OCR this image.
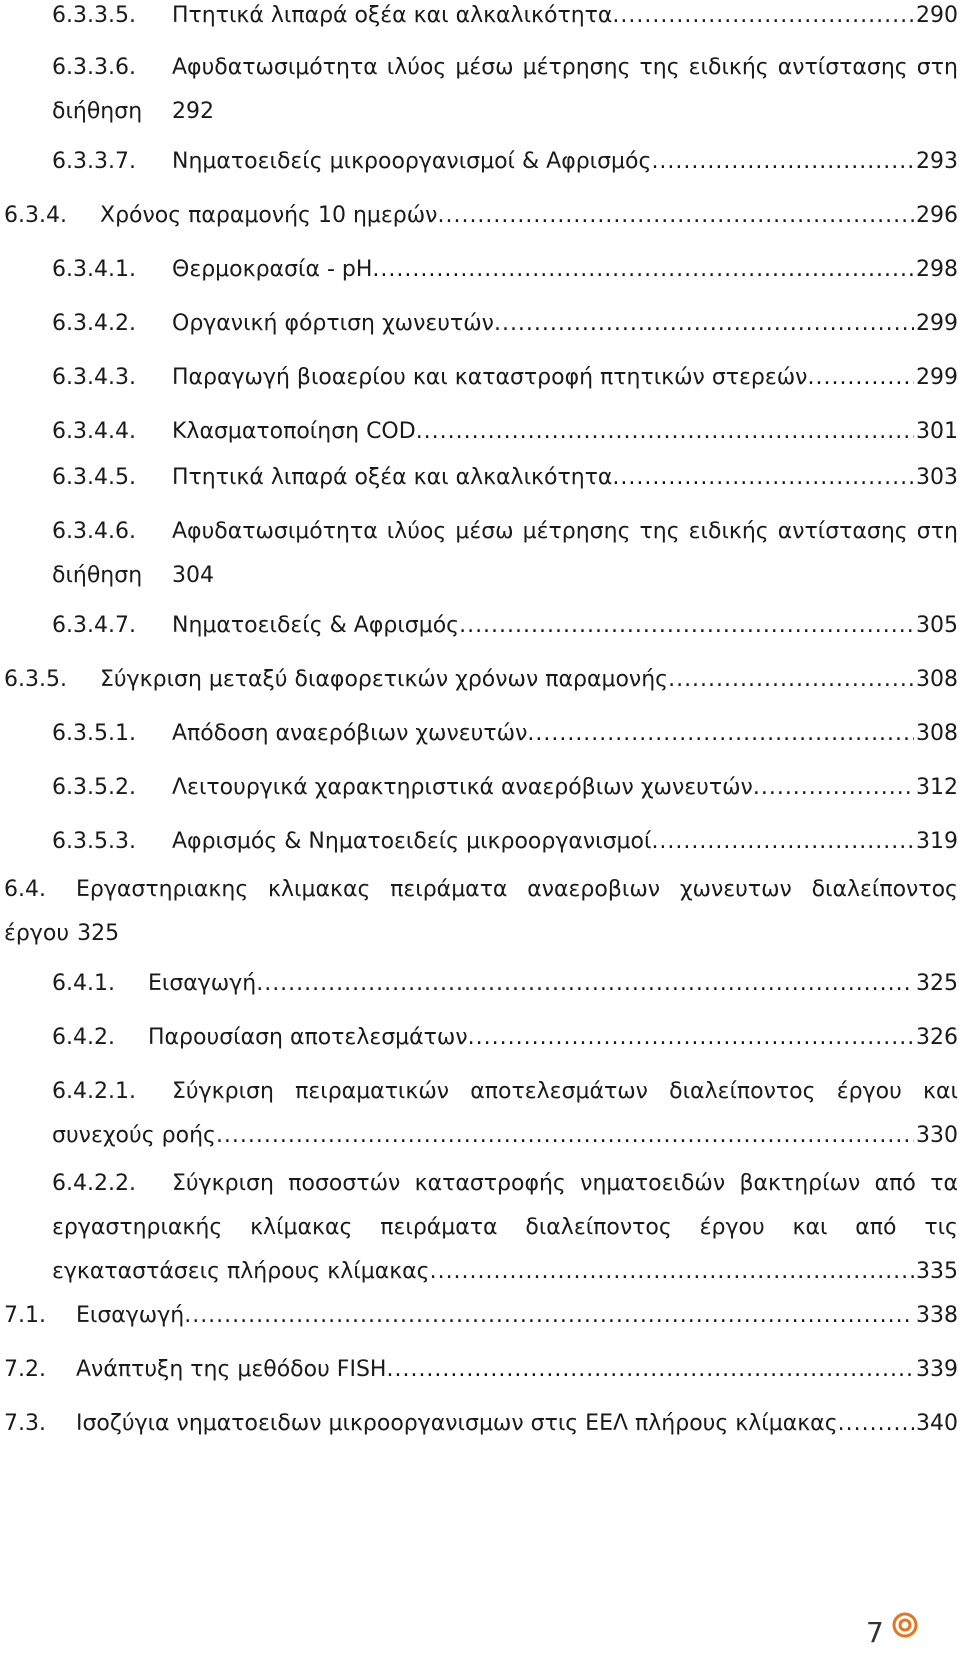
6.3.3.5. Πτητικά λιπαρά οξέα και αλκαλικότητα .....	290
6.3.3.6. Αφυδατωσιμότητα ιλύος μέσω μέτρησης της ειδικής αντίστασης στη
διήθηση 292
6.3.3.7. Νηματοειδείς μικροοργανισμοί & Αφρισμός .....	293
6.3.4. Χρόνος παραμονής 10 ημερών .....	296
6.3.4.1. Θερμοκρασία - pH .....	298
6.3.4.2. Οργανική φόρτιση χωνευτών .....	299
6.3.4.3. Παραγωγή βιοαερίου και καταστροφή πτητικών στερεών .....	299
6.3.4.4. Κλασματοποίηση COD .....	301
6.3.4.5. Πτητικά λιπαρά οξέα και αλκαλικότητα .....	303
6.3.4.6. Αφυδατωσιμότητα ιλύος μέσω μέτρησης της ειδικής αντίστασης στη
διήθηση 304
6.3.4.7. Νηματοειδείς & Αφρισμός .....	305
6.3.5. Σύγκριση μεταξύ διαφορετικών χρόνων παραμονής .....	308
6.3.5.1. Απόδοση αναερόβιων χωνευτών .....	308
6.3.5.2. Λειτουργικά χαρακτηριστικά αναερόβιων χωνευτών .....	312
6.3.5.3. Αφρισμός & Νηματοειδείς μικροοργανισμοί .....	319
6.4. Εργαστηριακης κλιμακας πειράματα αναεροβιων χωνευτων διαλείποντος
έργου 325
6.4.1. Εισαγωγή .....	325
6.4.2. Παρουσίαση αποτελεσμάτων .....	326
6.4.2.1. Σύγκριση πειραματικών αποτελεσμάτων διαλείποντος έργου και
συνεχούς ροής .....	330
6.4.2.2. Σύγκριση ποσοστών καταστροφής νηματοειδών βακτηρίων από τα
εργαστηριακής κλίμακας πειράματα διαλείποντος έργου και από τις
εγκαταστάσεις πλήρους κλίμακας .....	335
7.1. Εισαγωγή .....	338
7.2. Ανάπτυξη της μεθόδου FISH .....	339
7.3. Ισοζύγια νηματοειδων μικροοργανισμων στις ΕΕΛ πλήρους κλίμακας .....	340
7
